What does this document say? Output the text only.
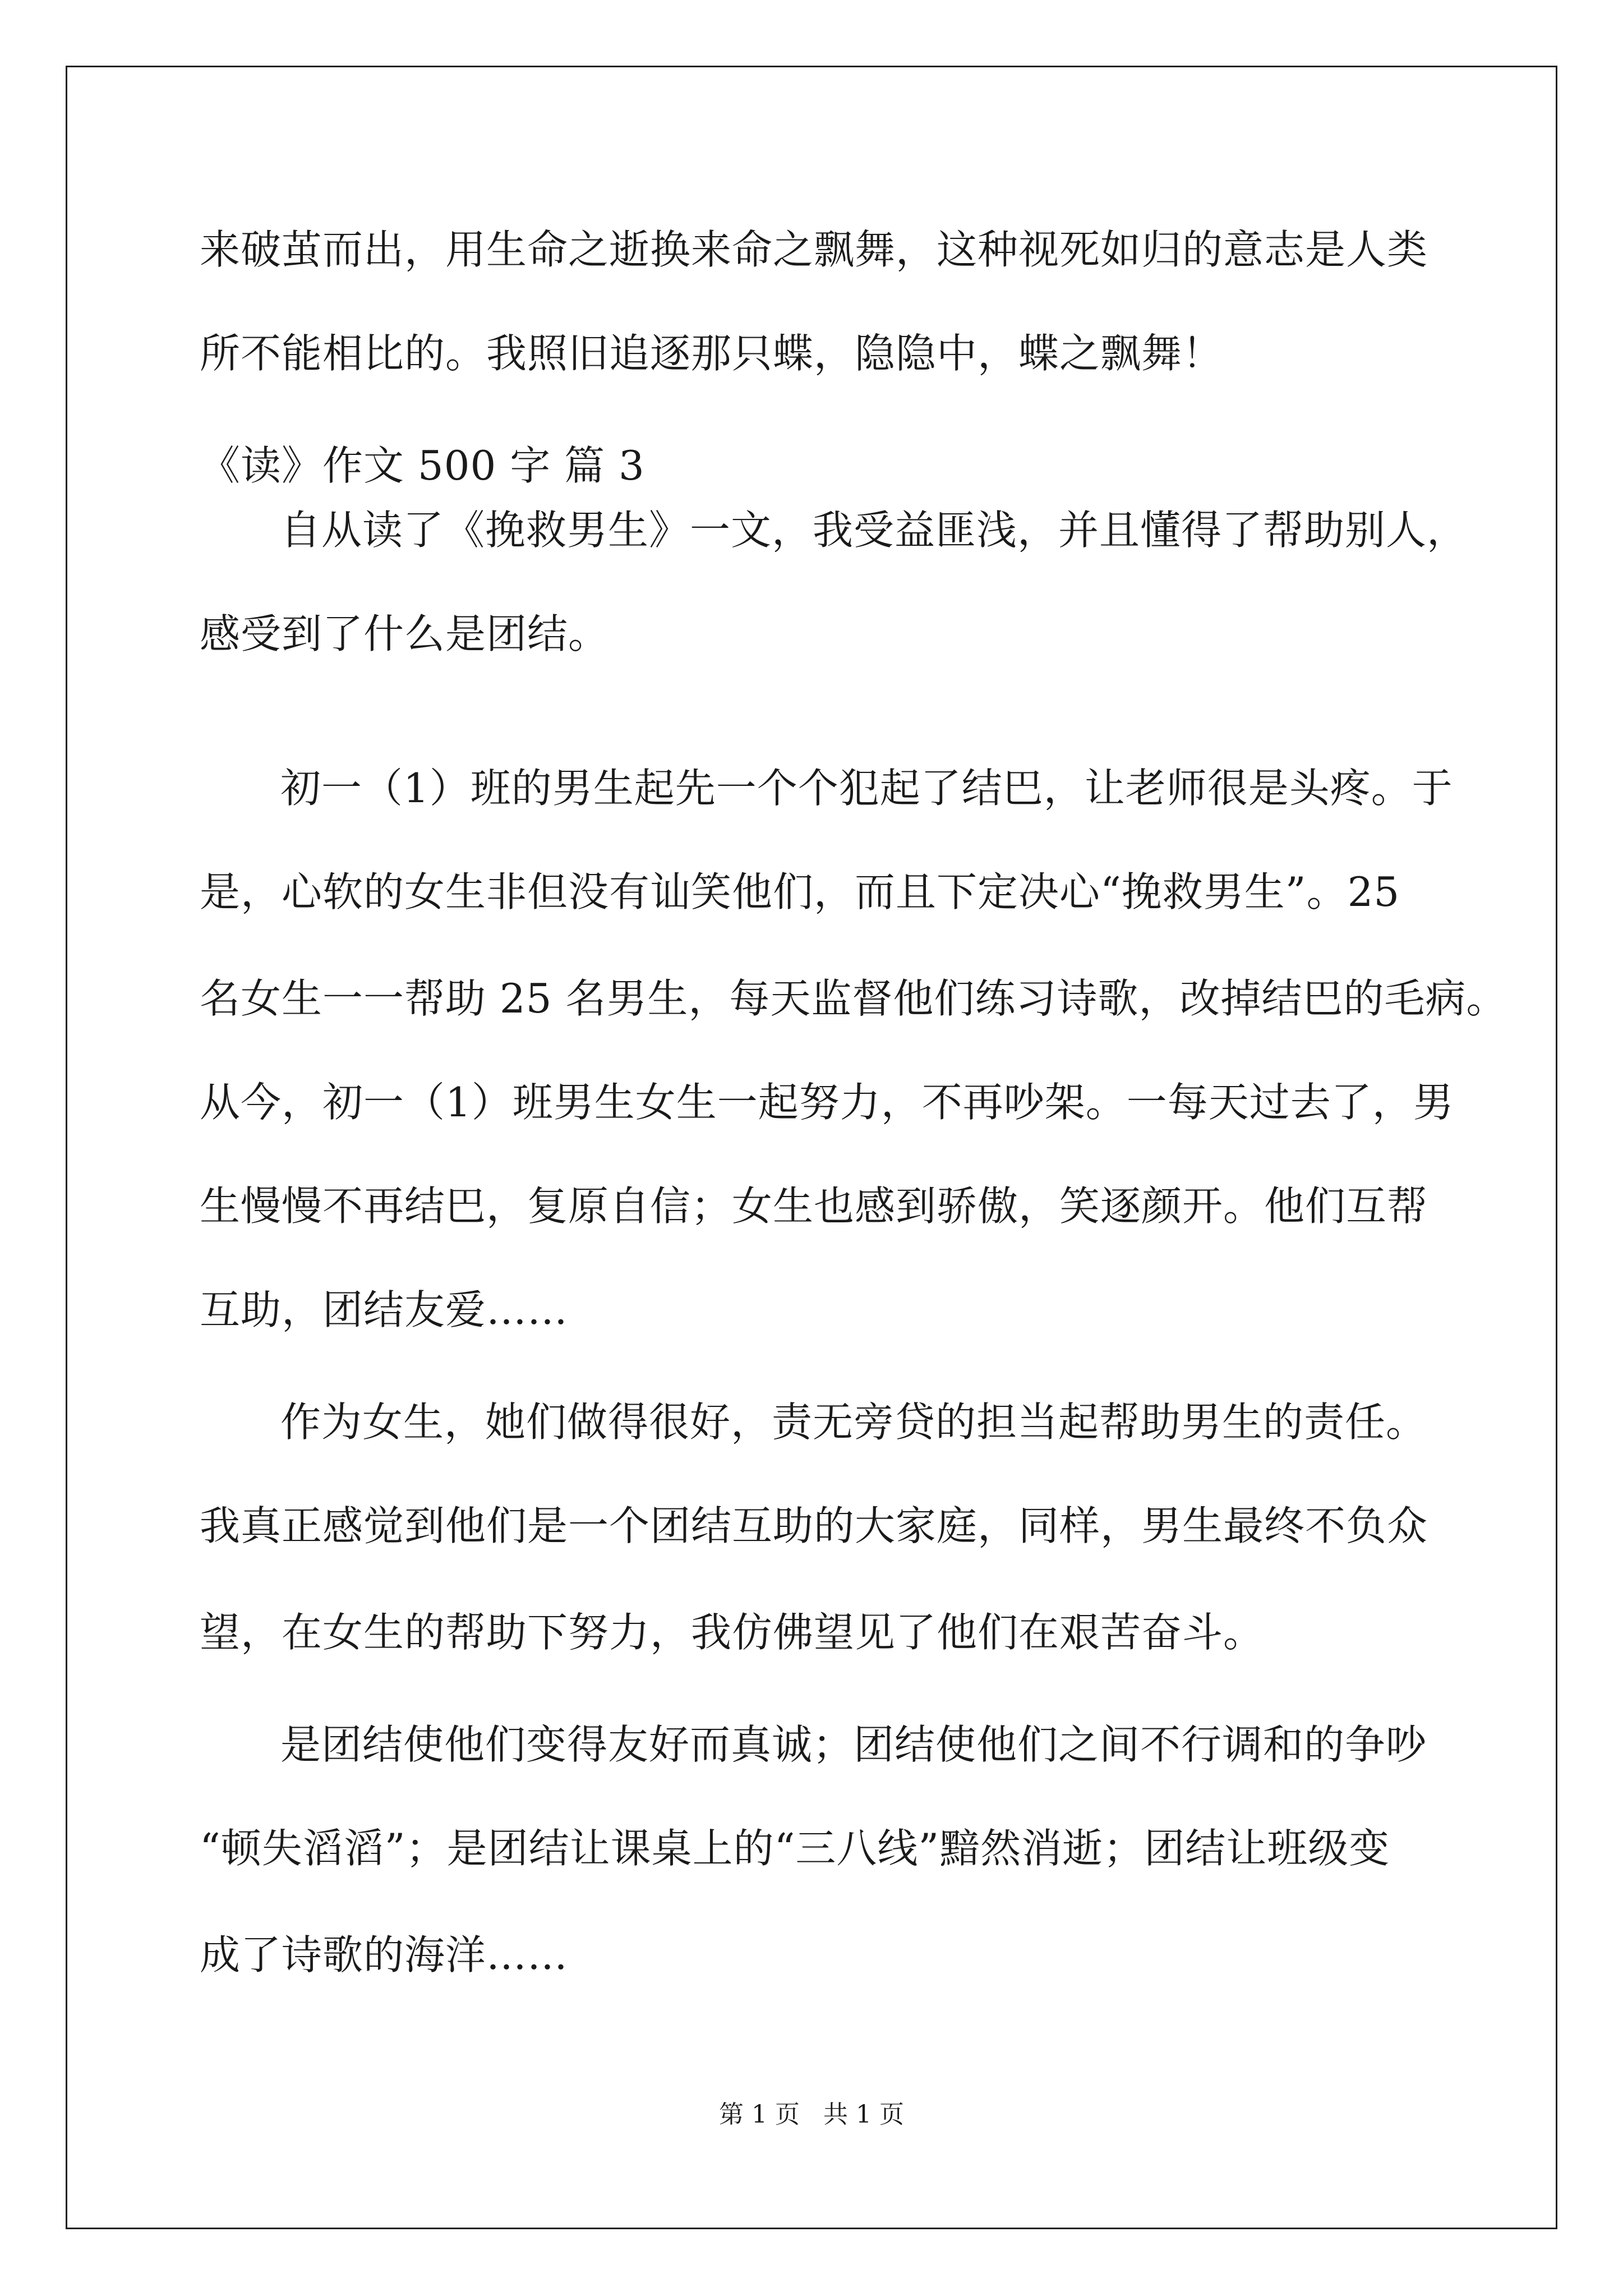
来破茧而出，用生命之逝换来命之飘舞，这种视死如归的意志是人类
所不能相比的。我照旧追逐那只蝶，隐隐中，蝶之飘舞！
《读》作文 500 字 篇 3
自从读了《挽救男生》一文，我受益匪浅，并且懂得了帮助别人，
感受到了什么是团结。
初一（1）班的男生起先一个个犯起了结巴，让老师很是头疼。于
是，心软的女生非但没有讪笑他们，而且下定决心“挽救男生”。25
名女生一一帮助 25 名男生，每天监督他们练习诗歌，改掉结巴的毛病。
从今，初一（1）班男生女生一起努力，不再吵架。一每天过去了，男
生慢慢不再结巴，复原自信；女生也感到骄傲，笑逐颜开。他们互帮
互助，团结友爱……
作为女生，她们做得很好，责无旁贷的担当起帮助男生的责任。
我真正感觉到他们是一个团结互助的大家庭，同样，男生最终不负众
望，在女生的帮助下努力，我仿佛望见了他们在艰苦奋斗。
是团结使他们变得友好而真诚；团结使他们之间不行调和的争吵
“顿失滔滔”；是团结让课桌上的“三八线”黯然消逝；团结让班级变
成了诗歌的海洋……
第 1 页   共 1 页
